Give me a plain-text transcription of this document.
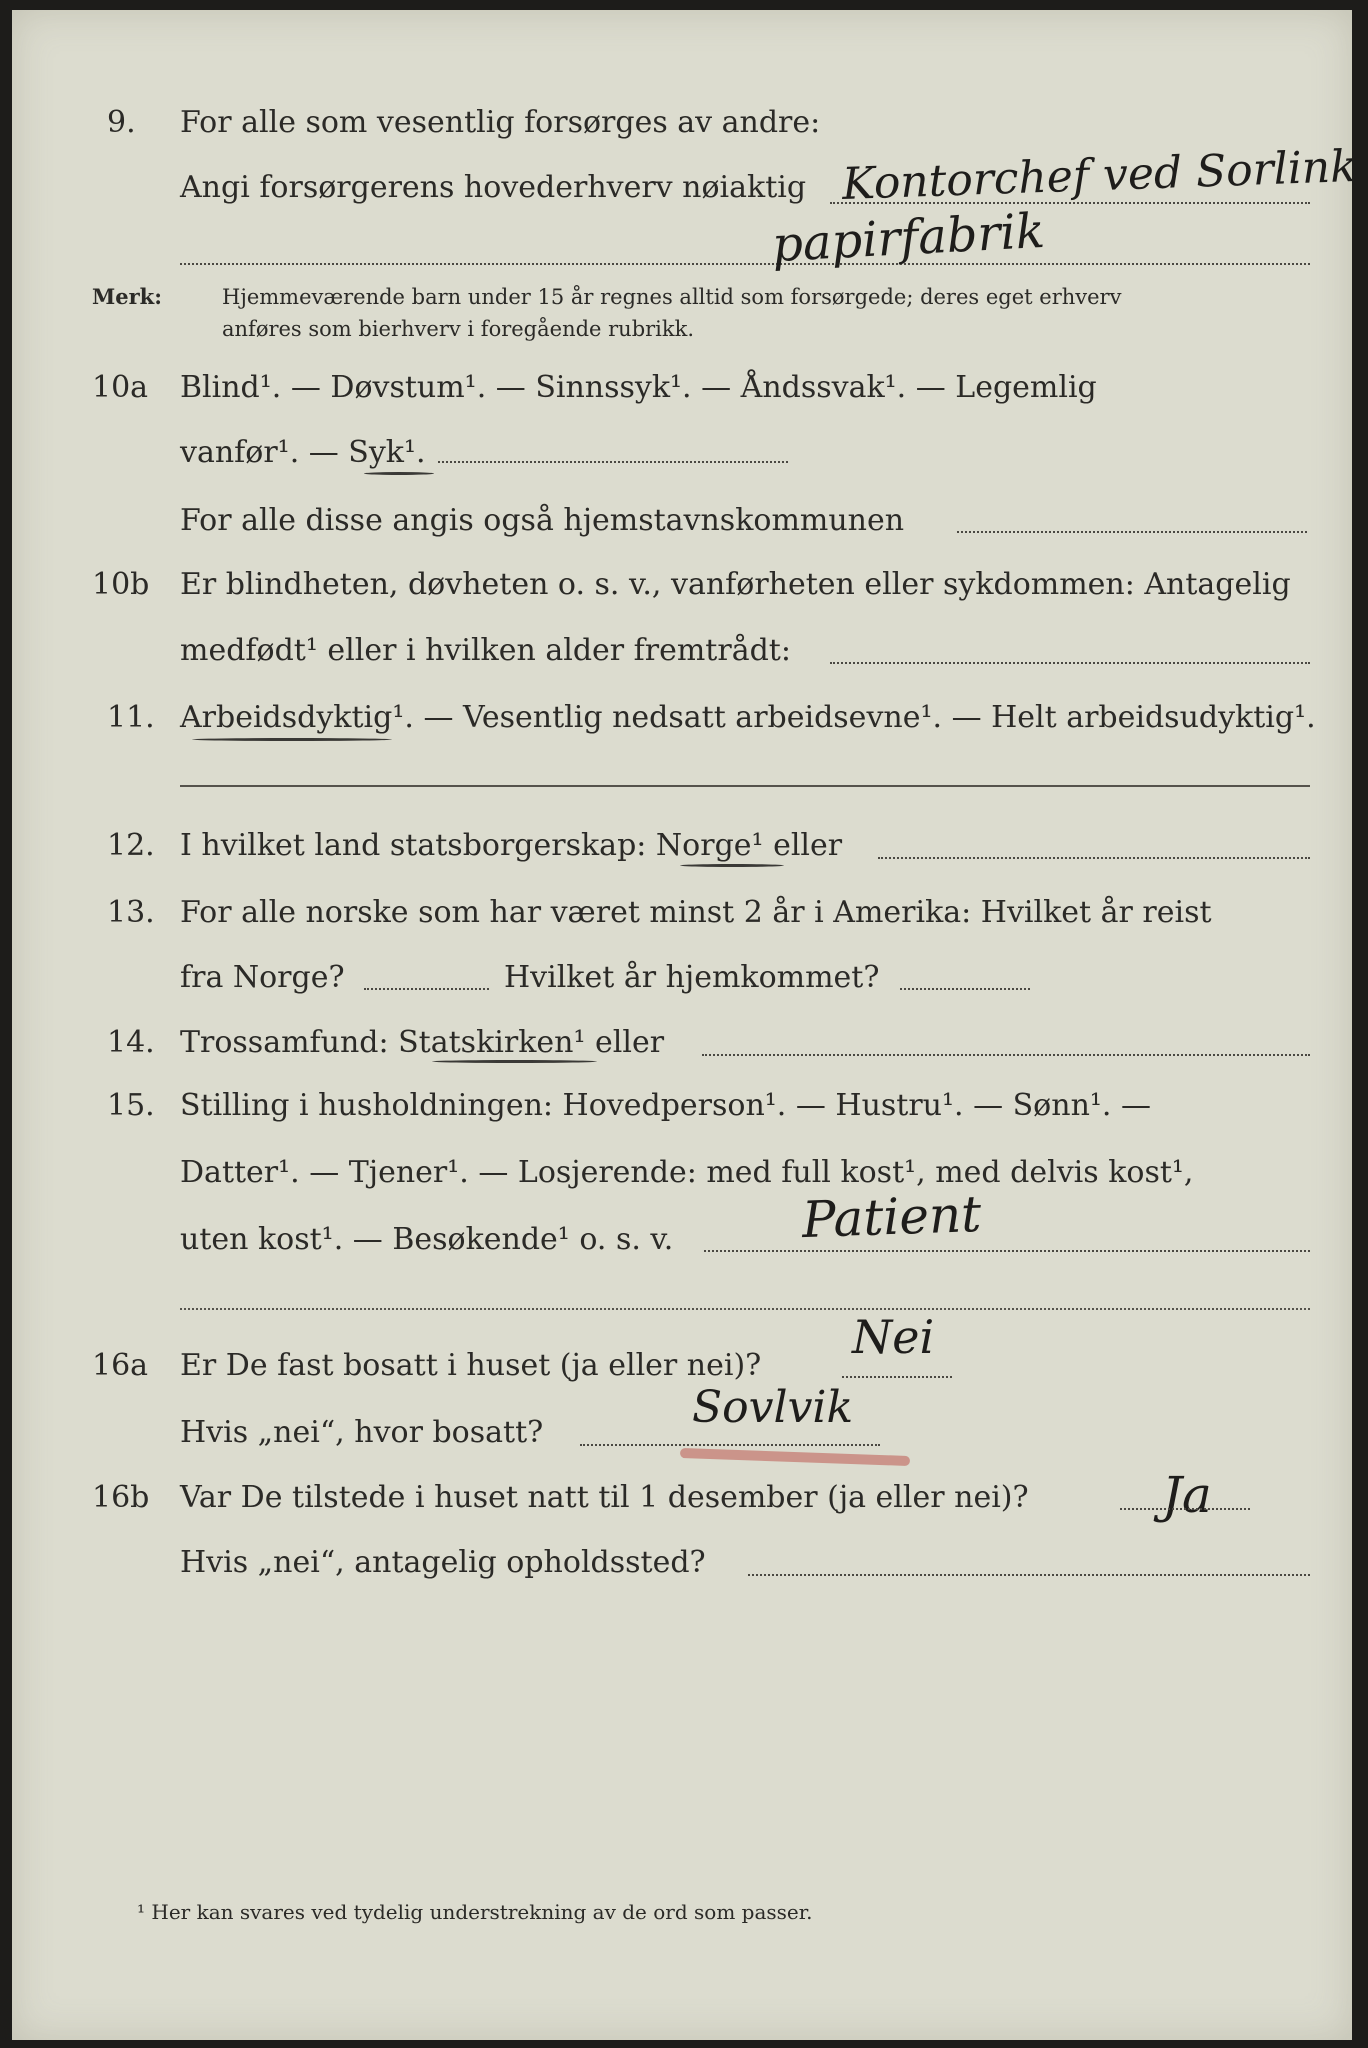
9. For alle som vesentlig forsørges av andre:
Angi forsørgerens hovederhverv nøiaktig Kontorchef ved Sorlink
papirfabrik
Merk:	Hjemmeværende barn under 15 år regnes alltid som forsørgede; deres eget erhverv
anføres som bierhverv i foregående rubrikk.
10a Blind¹. — Døvstum¹. — Sinnssyk¹. — Åndssvak¹. — Legemlig
vanfør¹. — Syk¹.
For alle disse angis også hjemstavnskommunen
10b Er blindheten, døvheten o. s. v., vanførheten eller sykdommen: Antagelig
medfødt¹ eller i hvilken alder fremtrådt:
11. Arbeidsdyktig¹. — Vesentlig nedsatt arbeidsevne¹. — Helt arbeidsudyktig¹.
12. I hvilket land statsborgerskap: Norge¹ eller
13. For alle norske som har været minst 2 år i Amerika: Hvilket år reist
fra Norge?	Hvilket år hjemkommet?
14. Trossamfund: Statskirken¹ eller
15. Stilling i husholdningen: Hovedperson¹. — Hustru¹. — Sønn¹. —
Datter¹. — Tjener¹. — Losjerende: med full kost¹, med delvis kost¹,
uten kost¹. — Besøkende¹ o. s. v.	Patient
16a Er De fast bosatt i huset (ja eller nei)?
Nei
Hvis „nei“, hvor bosatt?	Sovlvik
16b Var De tilstede i huset natt til 1 desember (ja eller nei)?	Ja
Hvis „nei“, antagelig opholdssted?
¹ Her kan svares ved tydelig understrekning av de ord som passer.
